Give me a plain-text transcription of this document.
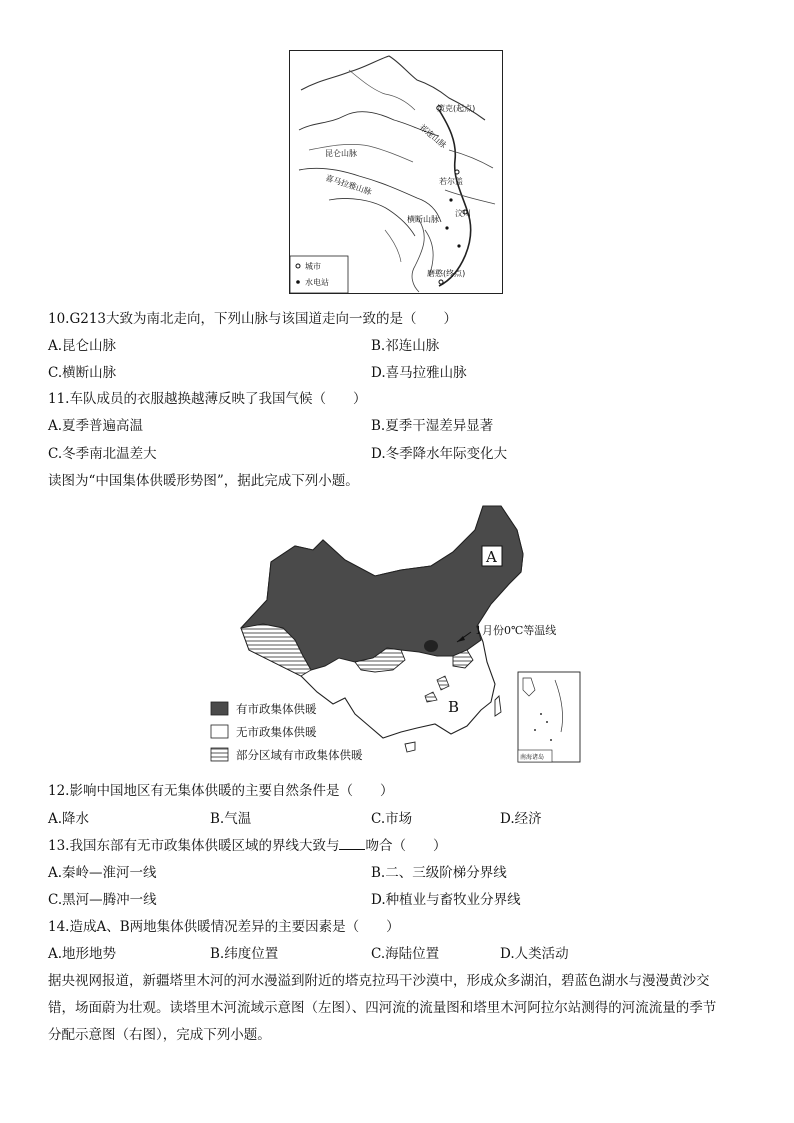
策克(起点)
祁连山脉
昆仑山脉
喜马拉雅山脉	若尔盖
横断山脉
汶川
磨憨(终点)
城市
水电站
10.G213大致为南北走向，下列山脉与该国道走向一致的是（　　）
A.昆仑山脉	B.祁连山脉
C.横断山脉	D.喜马拉雅山脉
11.车队成员的衣服越换越薄反映了我国气候（　　）
A.夏季普遍高温	B.夏季干湿差异显著
C.冬季南北温差大	D.冬季降水年际变化大
读图为“中国集体供暖形势图”，据此完成下列小题。
1月份0℃等温线
A
B
南海诸岛
有市政集体供暖
无市政集体供暖
部分区域有市政集体供暖
12.影响中国地区有无集体供暖的主要自然条件是（　　）
A.降水	B.气温	C.市场	D.经济
13.我国东部有无市政集体供暖区域的界线大致与 吻合（　　）
A.秦岭—淮河一线	B.二、三级阶梯分界线
C.黑河—腾冲一线	D.种植业与畜牧业分界线
14.造成A、B两地集体供暖情况差异的主要因素是（　　）
A.地形地势	B.纬度位置	C.海陆位置	D.人类活动
据央视网报道，新疆塔里木河的河水漫溢到附近的塔克拉玛干沙漠中，形成众多湖泊，碧蓝色湖水与漫漫黄沙交
错，场面蔚为壮观。读塔里木河流域示意图（左图）、四河流的流量图和塔里木河阿拉尔站测得的河流流量的季节
分配示意图（右图），完成下列小题。
